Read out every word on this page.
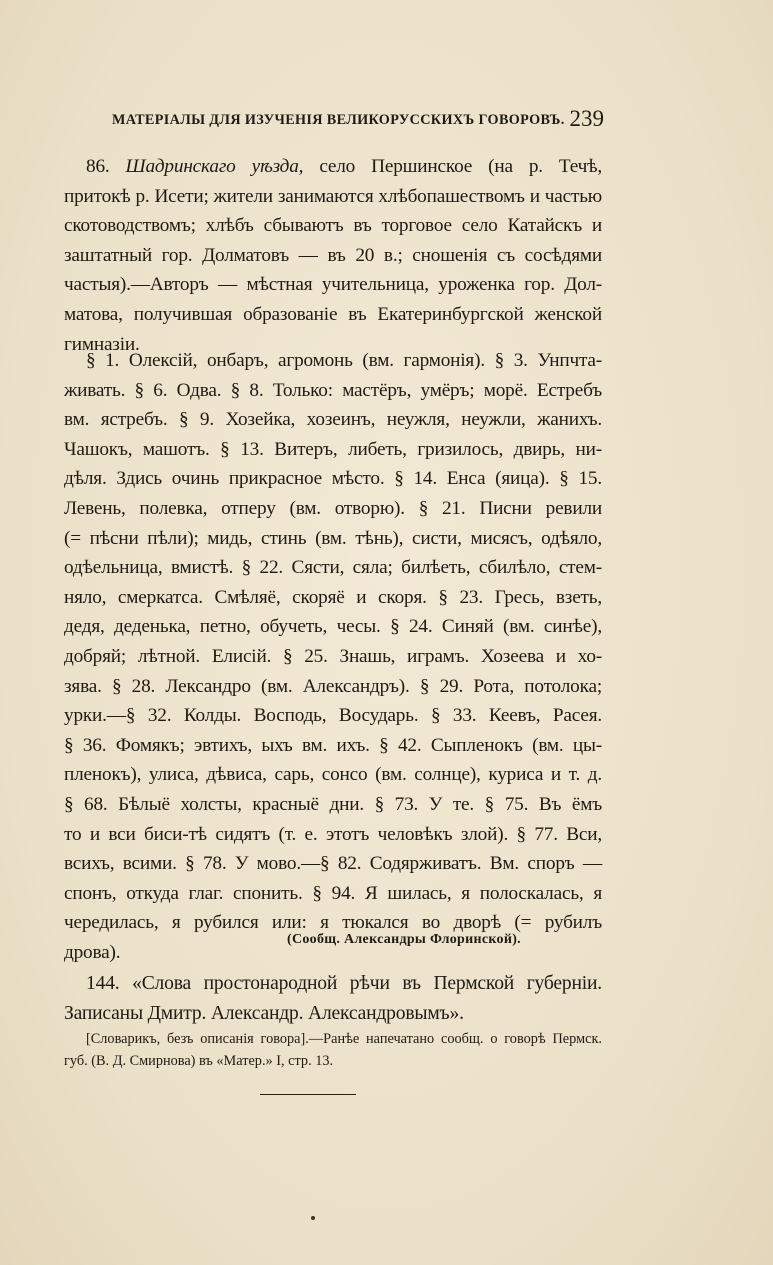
МАТЕРІАЛЫ ДЛЯ ИЗУЧЕНІЯ ВЕЛИКОРУССКИХЪ ГОВОРОВЪ. 239

86. Шадринскаго уѣзда, село Першинское (на р. Течѣ,

притокѣ р. Исети; жители занимаются хлѣбопашествомъ и частью

скотоводствомъ; хлѣбъ сбываютъ въ торговое село Катайскъ и

заштатный гор. Долматовъ — въ 20 в.; сношенія съ сосѣдями

частыя).—Авторъ — мѣстная учительница, уроженка гор. Дол-

матова, получившая образованіе въ Екатеринбургской женской

гимназіи.

§ 1. Олексій, онбаръ, агромонь (вм. гармонія). § 3. Унпчта-

живать. § 6. Одва. § 8. Только: мастёръ, умёръ; морё. Естребъ

вм. ястребъ. § 9. Хозейка, хозеинъ, неужля, неужли, жанихъ.

Чашокъ, машотъ. § 13. Витеръ, либеть, гризилось, двирь, ни-

дѣля. Здись очинь прикрасное мѣсто. § 14. Енса (яица). § 15.

Левень, полевка, отперу (вм. отворю). § 21. Писни ревили

(= пѣсни пѣли); мидь, стинь (вм. тѣнь), систи, мисясъ, одѣяло,

одѣельница, вмистѣ. § 22. Сясти, сяла; билѣеть, сбилѣло, стем-

няло, смеркатса. Смѣляё, скоряё и скоря. § 23. Гресь, взеть,

дедя, деденька, петно, обучеть, чесы. § 24. Синяй (вм. синѣе),

добряй; лѣтной. Елисій. § 25. Знашь, играмъ. Хозеева и хо-

зява. § 28. Лександро (вм. Александръ). § 29. Рота, потолока;

урки.—§ 32. Колды. Восподь, Восударь. § 33. Кеевъ, Расея.

§ 36. Фомякъ; эвтихъ, ыхъ вм. ихъ. § 42. Сыпленокъ (вм. цы-

пленокъ), улиса, дѣвиса, сарь, сонсо (вм. солнце), куриса и т. д.

§ 68. Бѣлыё холсты, красныё дни. § 73. У те. § 75. Въ ёмъ

то и вси биси-тѣ сидятъ (т. е. этотъ человѣкъ злой). § 77. Вси,

всихъ, всими. § 78. У мово.—§ 82. Содярживатъ. Вм. споръ —

спонъ, откуда глаг. спонить. § 94. Я шилась, я полоскалась, я

чередилась, я рубился или: я тюкался во дворѣ (= рубилъ

дрова).

(Сообщ. Александры Флоринской).

144. «Слова простонародной рѣчи въ Пермской губерніи.

Записаны Дмитр. Александр. Александровымъ».

[Словарикъ, безъ описанія говора].—Ранѣе напечатано сообщ. о говорѣ Пермск. губ. (В. Д. Смирнова) въ «Матер.» I, стр. 13.
